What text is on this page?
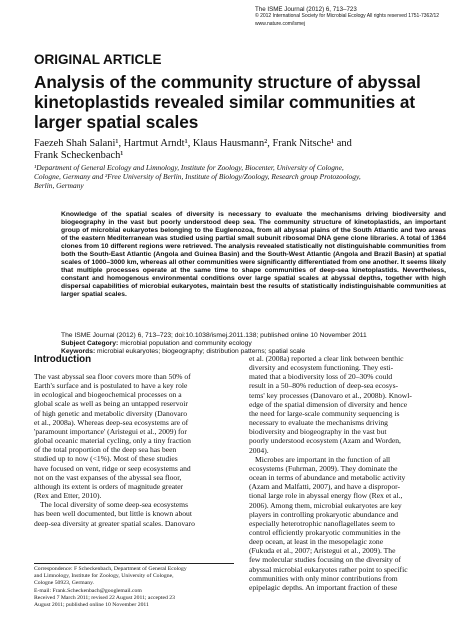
The ISME Journal (2012) 6, 713–723
© 2012 International Society for Microbial Ecology All rights reserved 1751-7362/12
www.nature.com/ismej
ORIGINAL ARTICLE
Analysis of the community structure of abyssal
kinetoplastids revealed similar communities at
larger spatial scales
Faezeh Shah Salani¹, Hartmut Arndt¹, Klaus Hausmann², Frank Nitsche¹ and
Frank Scheckenbach¹
¹Department of General Ecology and Limnology, Institute for Zoology, Biocenter, University of Cologne,
Cologne, Germany and ²Free University of Berlin, Institute of Biology/Zoology, Research group Protozoology,
Berlin, Germany
Knowledge of the spatial scales of diversity is necessary to evaluate the mechanisms driving biodiversity and biogeography in the vast but poorly understood deep sea. The community structure of kinetoplastids, an important group of microbial eukaryotes belonging to the Euglenozoa, from all abyssal plains of the South Atlantic and two areas of the eastern Mediterranean was studied using partial small subunit ribosomal DNA gene clone libraries. A total of 1364 clones from 10 different regions were retrieved. The analysis revealed statistically not distinguishable communities from both the South-East Atlantic (Angola and Guinea Basin) and the South-West Atlantic (Angola and Brazil Basin) at spatial scales of 1000–3000 km, whereas all other communities were significantly differentiated from one another. It seems likely that multiple processes operate at the same time to shape communities of deep-sea kinetoplastids. Nevertheless, constant and homogenous environmental conditions over large spatial scales at abyssal depths, together with high dispersal capabilities of microbial eukaryotes, maintain best the results of statistically indistinguishable communities at larger spatial scales.
The ISME Journal (2012) 6, 713–723; doi:10.1038/ismej.2011.138; published online 10 November 2011
Subject Category: microbial population and community ecology
Keywords: microbial eukaryotes; biogeography; distribution patterns; spatial scale
Introduction
The vast abyssal sea floor covers more than 50% of
Earth's surface and is postulated to have a key role
in ecological and biogeochemical processes on a
global scale as well as being an untapped reservoir
of high genetic and metabolic diversity (Danovaro
et al., 2008a). Whereas deep-sea ecosystems are of
'paramount importance' (Aristegui et al., 2009) for
global oceanic material cycling, only a tiny fraction
of the total proportion of the deep sea has been
studied up to now (<1%). Most of these studies
have focused on vent, ridge or seep ecosystems and
not on the vast expanses of the abyssal sea floor,
although its extent is orders of magnitude greater
(Rex and Etter, 2010).
The local diversity of some deep-sea ecosystems
has been well documented, but little is known about
deep-sea diversity at greater spatial scales. Danovaro
et al. (2008a) reported a clear link between benthic
diversity and ecosystem functioning. They esti-
mated that a biodiversity loss of 20–30% could
result in a 50–80% reduction of deep-sea ecosys-
tems' key processes (Danovaro et al., 2008b). Knowl-
edge of the spatial dimension of diversity and hence
the need for large-scale community sequencing is
necessary to evaluate the mechanisms driving
biodiversity and biogeography in the vast but
poorly understood ecosystem (Azam and Worden,
2004).
Microbes are important in the function of all
ecosystems (Fuhrman, 2009). They dominate the
ocean in terms of abundance and metabolic activity
(Azam and Malfatti, 2007), and have a dispropor-
tional large role in abyssal energy flow (Rex et al.,
2006). Among them, microbial eukaryotes are key
players in controlling prokaryotic abundance and
especially heterotrophic nanoflagellates seem to
control efficiently prokaryotic communities in the
deep ocean, at least in the mesopelagic zone
(Fukuda et al., 2007; Aristegui et al., 2009). The
few molecular studies focusing on the diversity of
abyssal microbial eukaryotes rather point to specific
communities with only minor contributions from
epipelagic depths. An important fraction of these
Correspondence: F Scheckenbach, Department of General Ecology
and Limnology, Institute for Zoology, University of Cologne,
Cologne 50923, Germany.
E-mail: Frank.Scheckenbach@googlemail.com
Received 7 March 2011; revised 22 August 2011; accepted 23
August 2011; published online 10 November 2011
